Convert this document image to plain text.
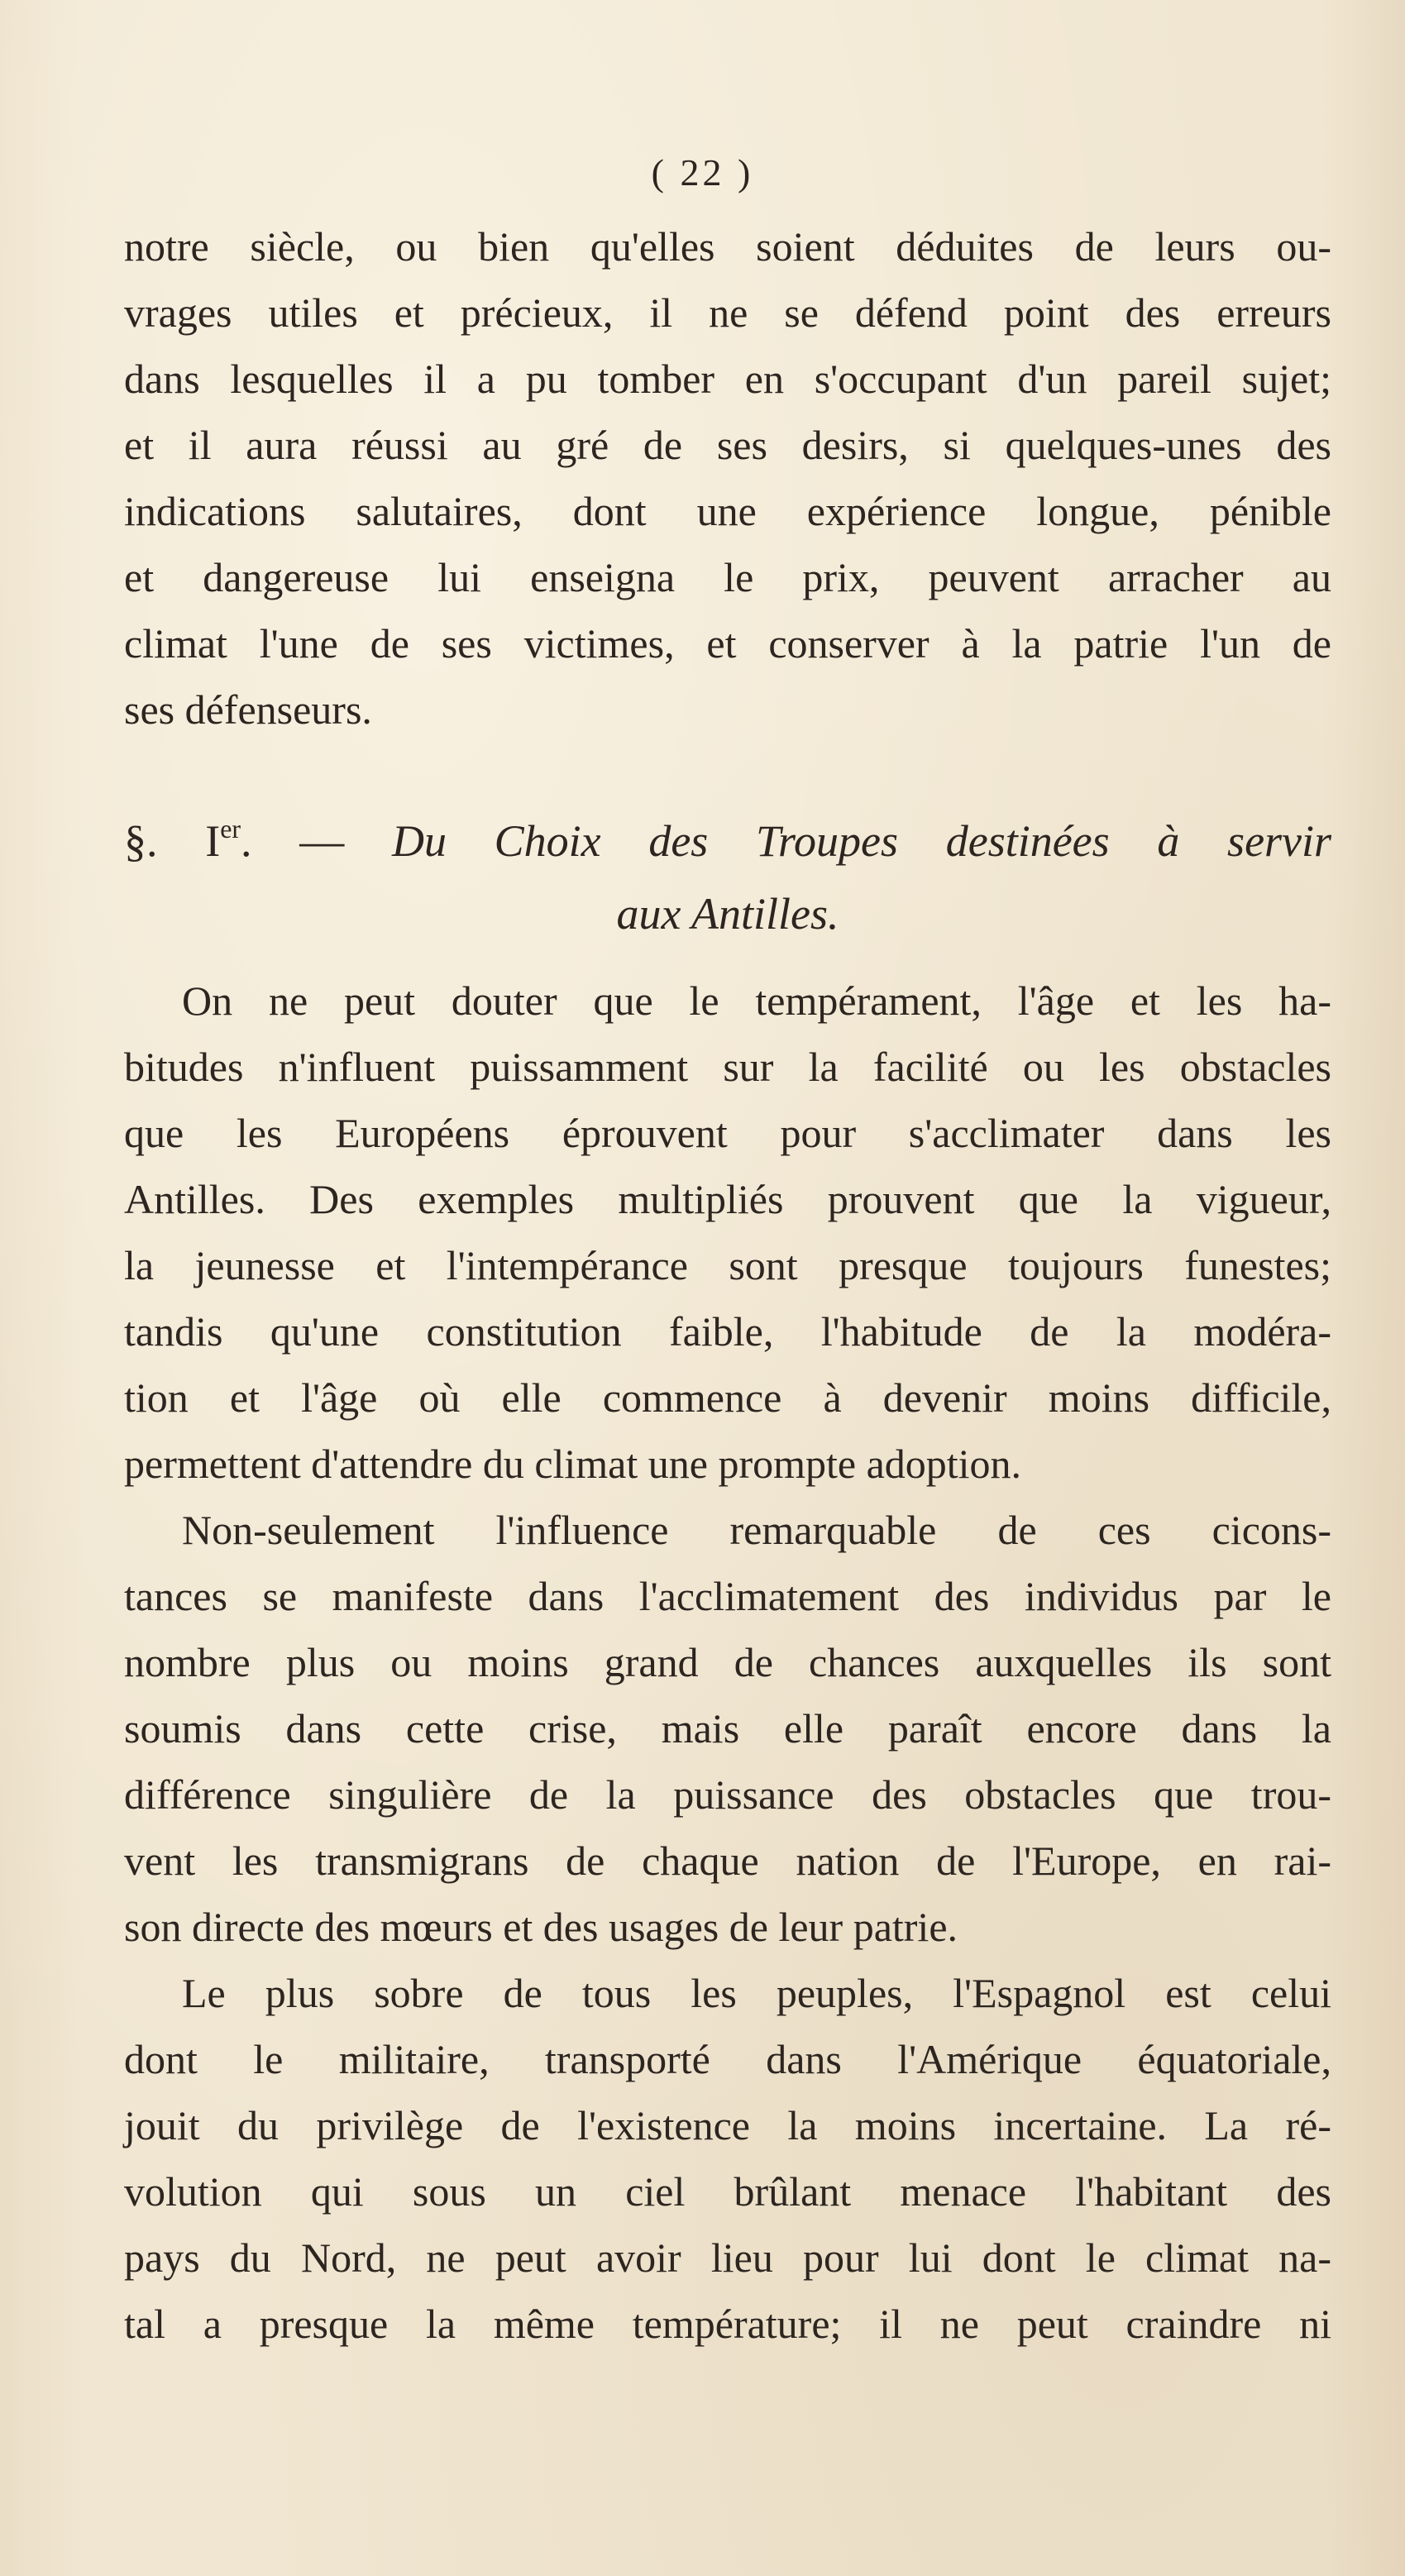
( 22 )
notre siècle, ou bien qu'elles soient déduites de leurs ou-
vrages utiles et précieux, il ne se défend point des erreurs
dans lesquelles il a pu tomber en s'occupant d'un pareil sujet;
et il aura réussi au gré de ses desirs, si quelques-unes des
indications salutaires, dont une expérience longue, pénible
et dangereuse lui enseigna le prix, peuvent arracher au
climat l'une de ses victimes, et conserver à la patrie l'un de
ses défenseurs.
§. Ier. — Du Choix des Troupes destinées à servir
aux Antilles.
On ne peut douter que le tempérament, l'âge et les ha-
bitudes n'influent puissamment sur la facilité ou les obstacles
que les Européens éprouvent pour s'acclimater dans les
Antilles. Des exemples multipliés prouvent que la vigueur,
la jeunesse et l'intempérance sont presque toujours funestes;
tandis qu'une constitution faible, l'habitude de la modéra-
tion et l'âge où elle commence à devenir moins difficile,
permettent d'attendre du climat une prompte adoption.
Non-seulement l'influence remarquable de ces cicons-
tances se manifeste dans l'acclimatement des individus par le
nombre plus ou moins grand de chances auxquelles ils sont
soumis dans cette crise, mais elle paraît encore dans la
différence singulière de la puissance des obstacles que trou-
vent les transmigrans de chaque nation de l'Europe, en rai-
son directe des mœurs et des usages de leur patrie.
Le plus sobre de tous les peuples, l'Espagnol est celui
dont le militaire, transporté dans l'Amérique équatoriale,
jouit du privilège de l'existence la moins incertaine. La ré-
volution qui sous un ciel brûlant menace l'habitant des
pays du Nord, ne peut avoir lieu pour lui dont le climat na-
tal a presque la même température; il ne peut craindre ni
